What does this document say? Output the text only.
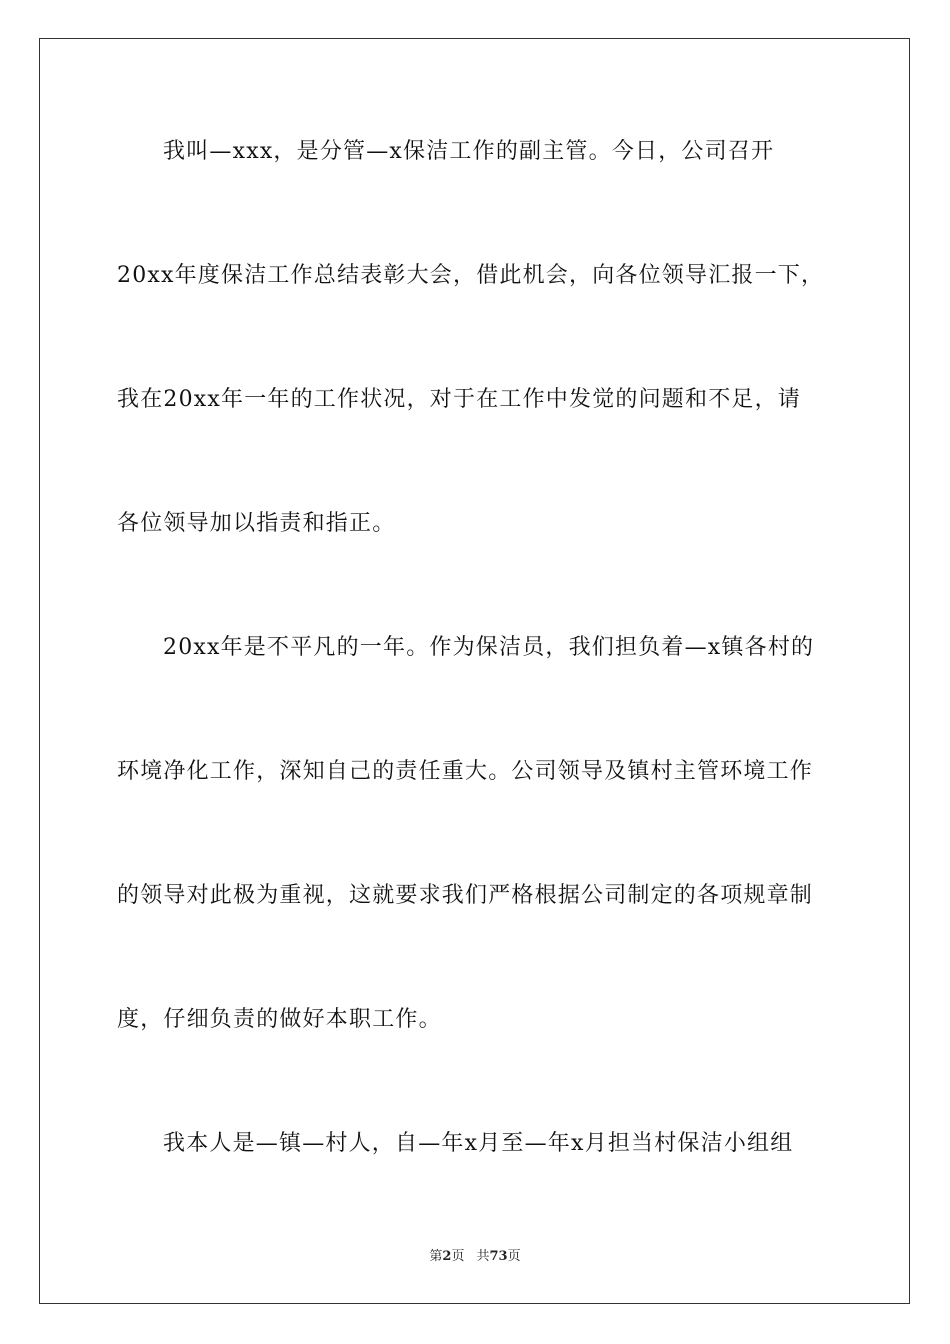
我叫—xxx，是分管—x保洁工作的副主管。今日，公司召开
20xx年度保洁工作总结表彰大会，借此机会，向各位领导汇报一下，
我在20xx年一年的工作状况，对于在工作中发觉的问题和不足，请
各位领导加以指责和指正。
20xx年是不平凡的一年。作为保洁员，我们担负着—x镇各村的
环境净化工作，深知自己的责任重大。公司领导及镇村主管环境工作
的领导对此极为重视，这就要求我们严格根据公司制定的各项规章制
度，仔细负责的做好本职工作。
我本人是—镇—村人，自—年x月至—年x月担当村保洁小组组
第2页 共73页
